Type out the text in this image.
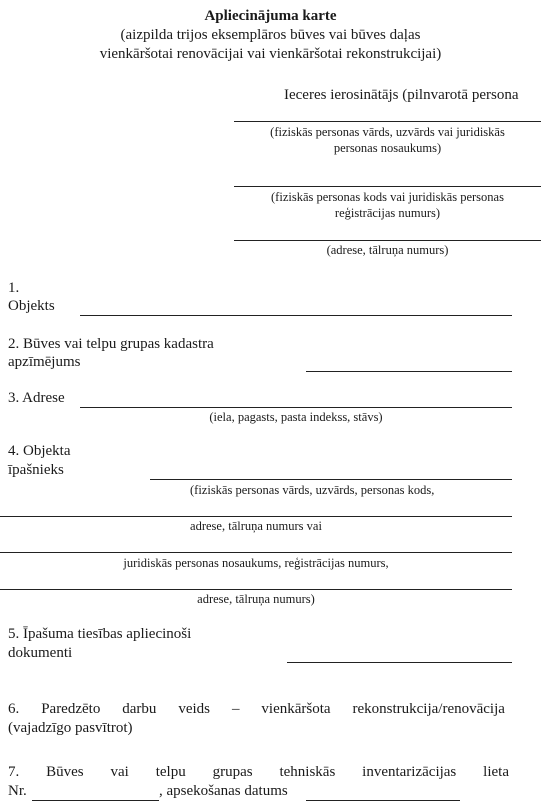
Apliecinājuma karte
(aizpilda trijos eksemplāros būves vai būves daļas
vienkāršotai renovācijai vai vienkāršotai rekonstrukcijai)
Ieceres ierosinātājs (pilnvarotā persona
(fiziskās personas vārds, uzvārds vai juridiskās
personas nosaukums)
(fiziskās personas kods vai juridiskās personas
reģistrācijas numurs)
(adrese, tālruņa numurs)
1.
Objekts
2. Būves vai telpu grupas kadastra
apzīmējums
3. Adrese
(iela, pagasts, pasta indekss, stāvs)
4. Objekta
īpašnieks
(fiziskās personas vārds, uzvārds, personas kods,
adrese, tālruņa numurs vai
juridiskās personas nosaukums, reģistrācijas numurs,
adrese, tālruņa numurs)
5. Īpašuma tiesības apliecinoši
dokumenti
6. Paredzēto darbu veids – vienkāršota rekonstrukcija/renovācija
(vajadzīgo pasvītrot)
7. Būves vai telpu grupas tehniskās inventarizācijas lieta
Nr.	, apsekošanas datums
